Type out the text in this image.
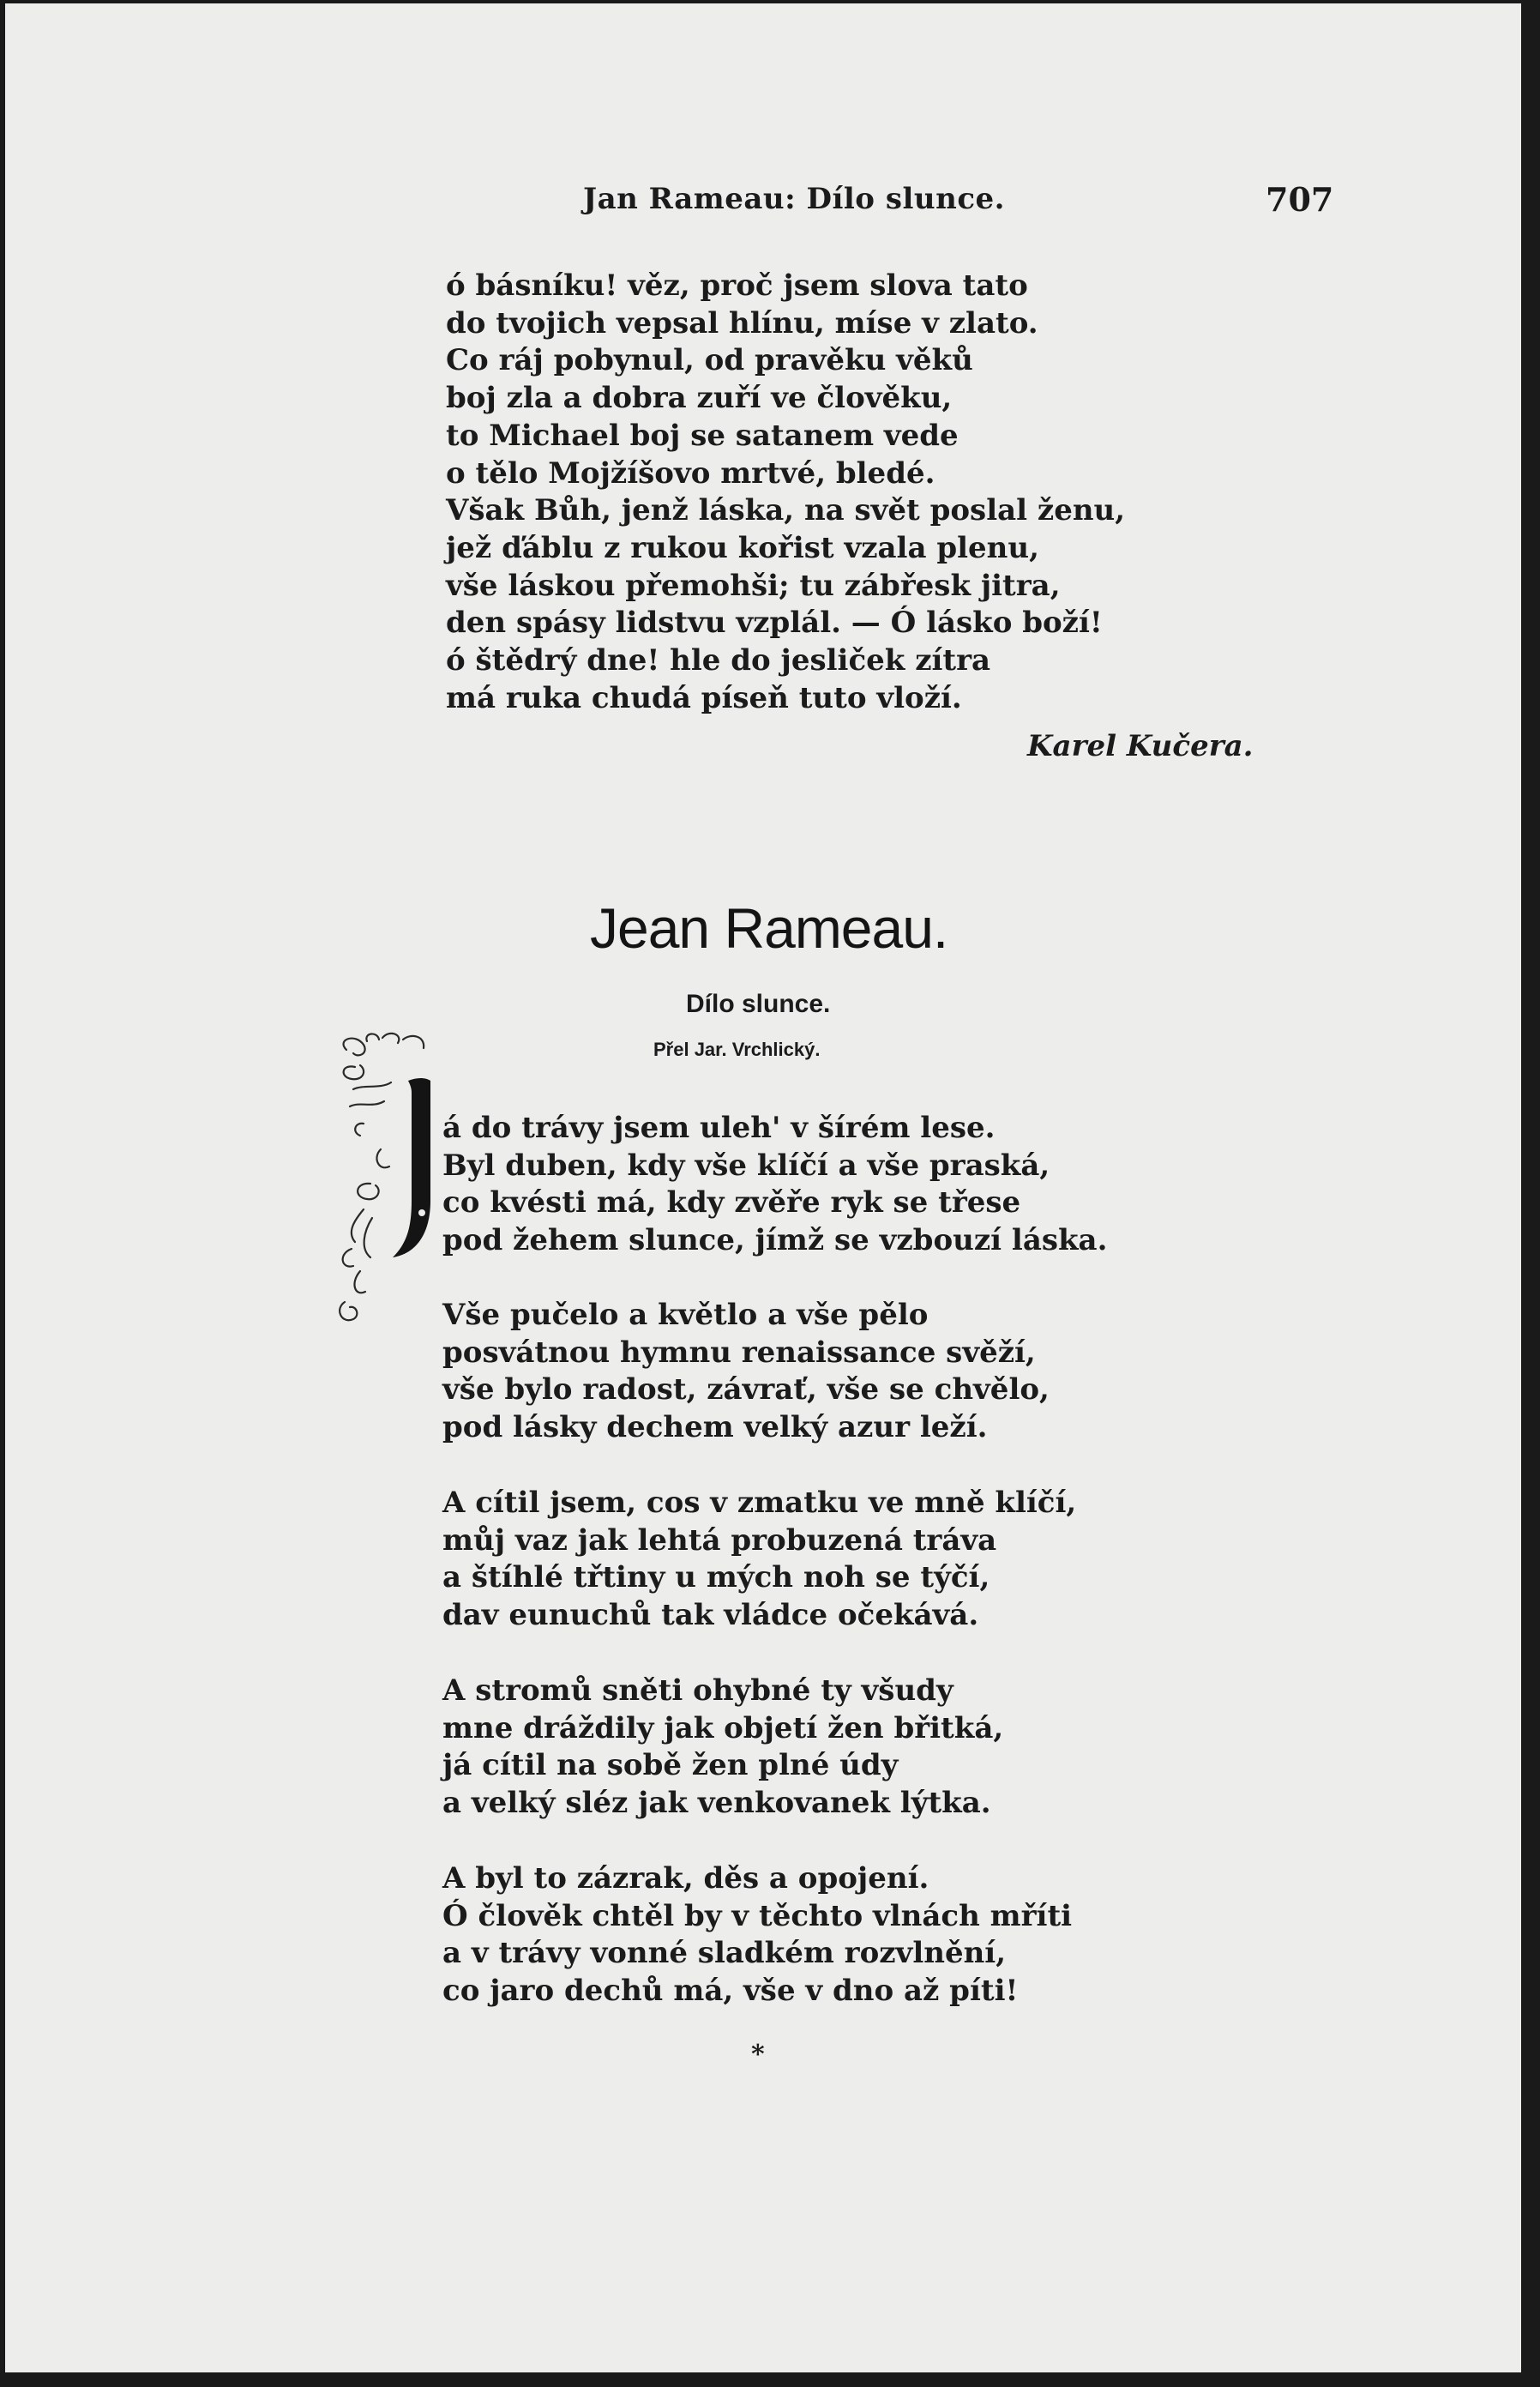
Jan Rameau: Dílo slunce.	707
ó básníku! věz, proč jsem slova tato
do tvojich vepsal hlínu, míse v zlato.
Co ráj pobynul, od pravěku věků
boj zla a dobra zuří ve člověku,
to Michael boj se satanem vede
o tělo Mojžíšovo mrtvé, bledé.
Však Bůh, jenž láska, na svět poslal ženu,
jež ďáblu z rukou kořist vzala plenu,
vše láskou přemohši; tu zábřesk jitra,
den spásy lidstvu vzplál. — Ó lásko boží!
ó štědrý dne! hle do jesliček zítra
má ruka chudá píseň tuto vloží.
Karel Kučera.
Jean Rameau.
Dílo slunce.
Přel Jar. Vrchlický.
á do trávy jsem uleh' v šírém lese.
Byl duben, kdy vše klíčí a vše praská,
co kvésti má, kdy zvěře ryk se třese
pod žehem slunce, jímž se vzbouzí láska.
Vše pučelo a květlo a vše pělo
posvátnou hymnu renaissance svěží,
vše bylo radost, závrať, vše se chvělo,
pod lásky dechem velký azur leží.
A cítil jsem, cos v zmatku ve mně klíčí,
můj vaz jak lehtá probuzená tráva
a štíhlé třtiny u mých noh se týčí,
dav eunuchů tak vládce očekává.
A stromů sněti ohybné ty všudy
mne dráždily jak objetí žen břitká,
já cítil na sobě žen plné údy
a velký sléz jak venkovanek lýtka.
A byl to zázrak, děs a opojení.
Ó člověk chtěl by v těchto vlnách mříti
a v trávy vonné sladkém rozvlnění,
co jaro dechů má, vše v dno až píti!
*
